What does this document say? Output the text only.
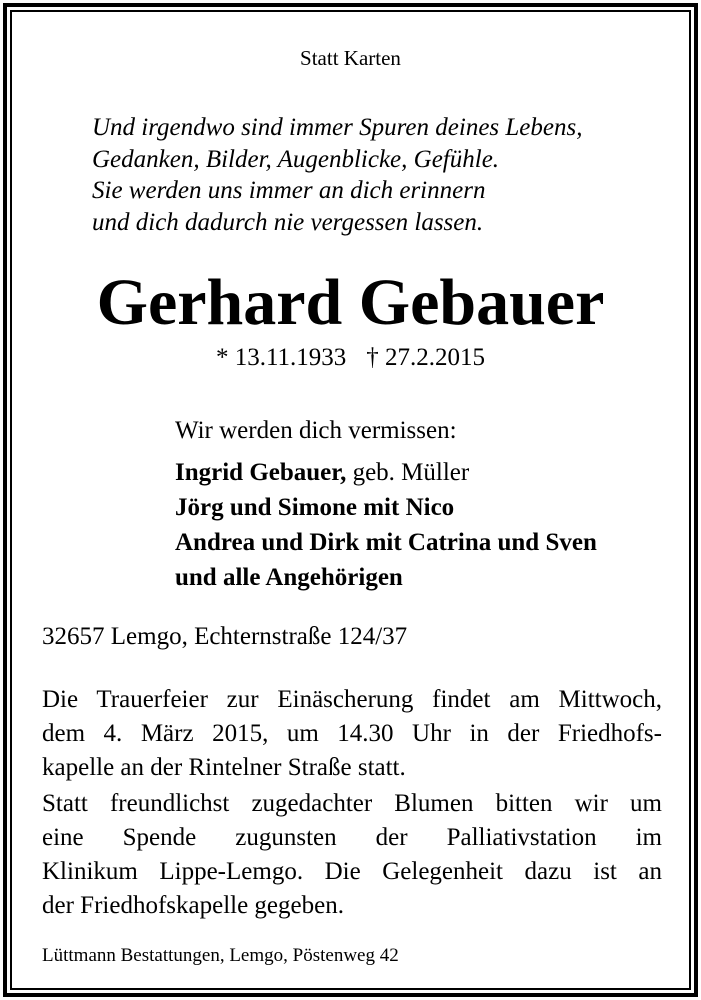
Statt Karten
Und irgendwo sind immer Spuren deines Lebens,
Gedanken, Bilder, Augenblicke, Gefühle.
Sie werden uns immer an dich erinnern
und dich dadurch nie vergessen lassen.
Gerhard Gebauer
* 13.11.1933 † 27.2.2015
Wir werden dich vermissen:
Ingrid Gebauer, geb. Müller
Jörg und Simone mit Nico
Andrea und Dirk mit Catrina und Sven
und alle Angehörigen
32657 Lemgo, Echternstraße 124/37
Die Trauerfeier zur Einäscherung findet am Mittwoch,
dem 4. März 2015, um 14.30 Uhr in der Friedhofs-
kapelle an der Rintelner Straße statt.
Statt freundlichst zugedachter Blumen bitten wir um
eine Spende zugunsten der Palliativstation im
Klinikum Lippe-Lemgo. Die Gelegenheit dazu ist an
der Friedhofskapelle gegeben.
Lüttmann Bestattungen, Lemgo, Pöstenweg 42
